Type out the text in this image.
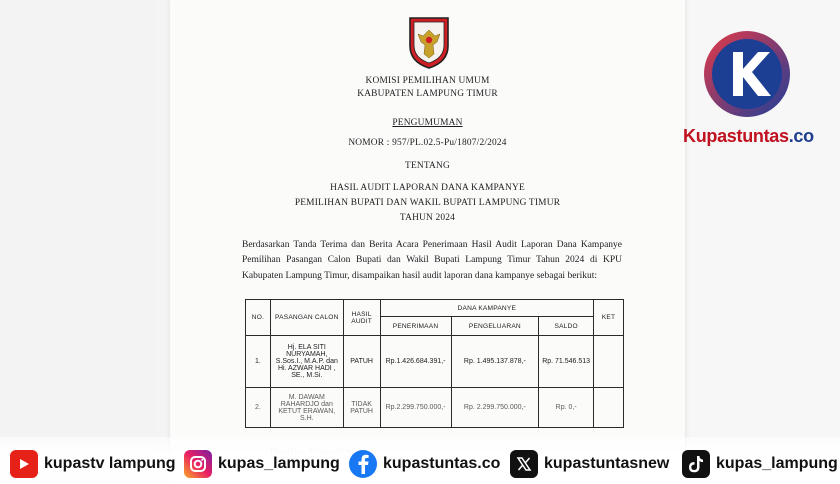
KOMISI PEMILIHAN UMUM
KABUPATEN LAMPUNG TIMUR
PENGUMUMAN
NOMOR : 957/PL.02.5-Pu/1807/2/2024
TENTANG
HASIL AUDIT LAPORAN DANA KAMPANYE
PEMILIHAN BUPATI DAN WAKIL BUPATI LAMPUNG TIMUR
TAHUN 2024
Berdasarkan Tanda Terima dan Berita Acara Penerimaan Hasil Audit Laporan Dana Kampanye Pemilihan Pasangan Calon Bupati dan Wakil Bupati Lampung Timur Tahun 2024 di KPU Kabupaten Lampung Timur, disampaikan hasil audit laporan dana kampanye sebagai berikut:
NO.	PASANGAN CALON	HASIL AUDIT	DANA KAMPANYE			KET
			PENERIMAAN	PENGELUARAN	SALDO	
1.	Hj. ELA SITI NURYAMAH, S.Sos.I., M.A.P. dan Hi. AZWAR HADI , SE., M.Si.	PATUH	Rp.1.426.684.391,-	Rp. 1.495.137.878,-	Rp. 71.546.513	
2.	M. DAWAM RAHARDJO dan KETUT ERAWAN, S.H.	TIDAK PATUH	Rp.2.299.750.000,-	Rp. 2.299.750.000,-	Rp. 0,-	
Kupastuntas.co
kupastv lampung	kupas_lampung	kupastuntas.co	kupastuntasnew	kupas_lampung
